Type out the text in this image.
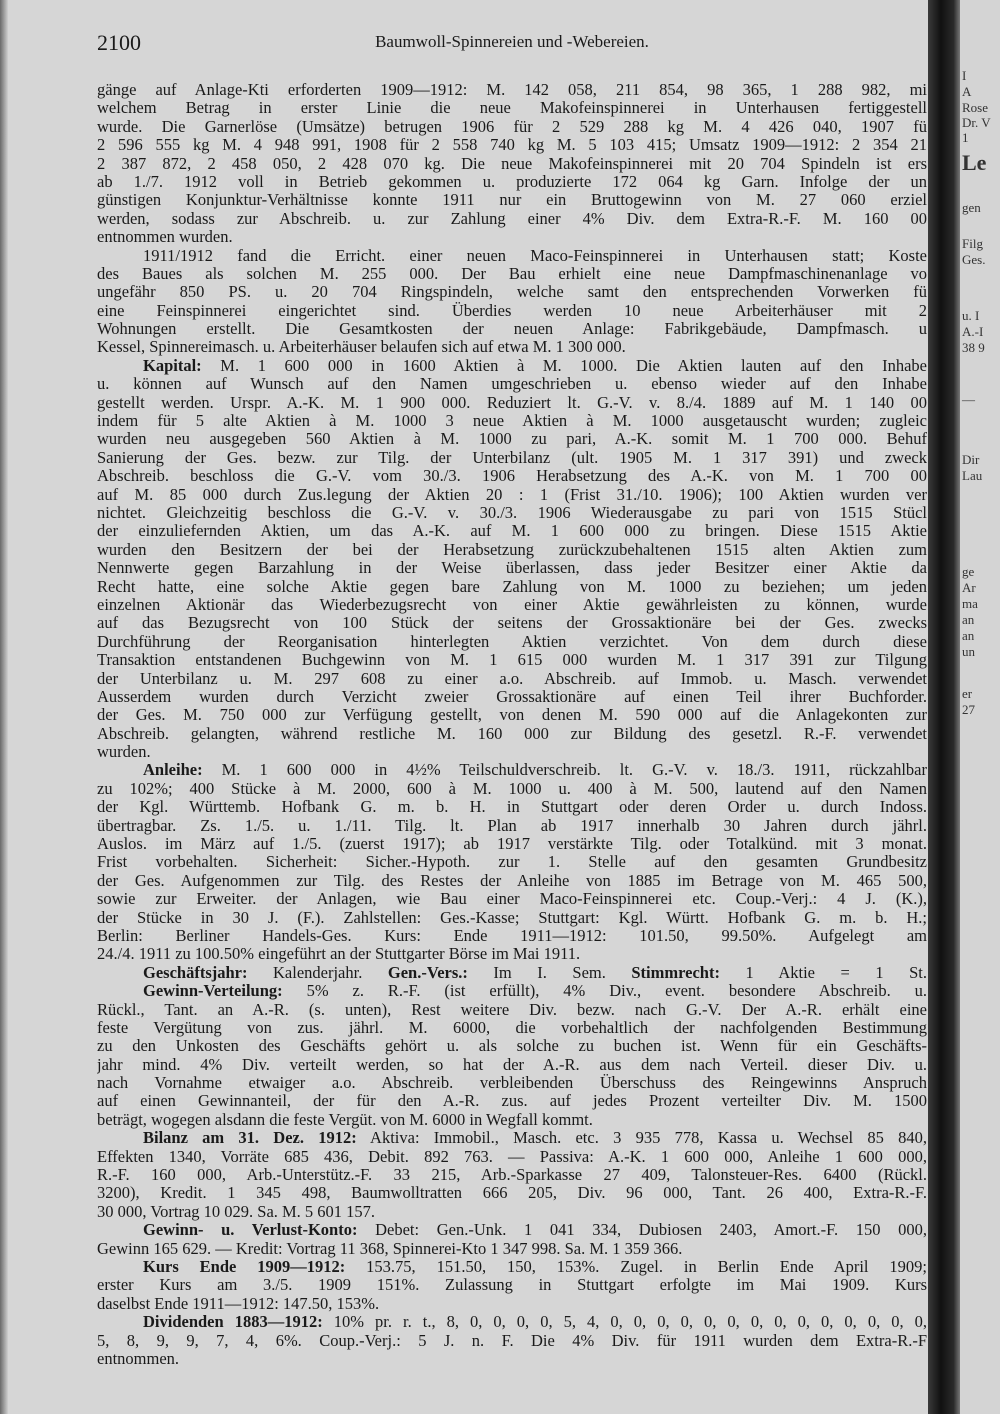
2100	Baumwoll-Spinnereien und -Webereien.
gänge auf Anlage-Kti erforderten 1909—1912: M. 142 058, 211 854, 98 365, 1 288 982, mi
welchem Betrag in erster Linie die neue Makofeinspinnerei in Unterhausen fertiggestell
wurde. Die Garnerlöse (Umsätze) betrugen 1906 für 2 529 288 kg M. 4 426 040, 1907 fü
2 596 555 kg M. 4 948 991, 1908 für 2 558 740 kg M. 5 103 415; Umsatz 1909—1912: 2 354 21
2 387 872, 2 458 050, 2 428 070 kg. Die neue Makofeinspinnerei mit 20 704 Spindeln ist ers
ab 1./7. 1912 voll in Betrieb gekommen u. produzierte 172 064 kg Garn. Infolge der un
günstigen Konjunktur-Verhältnisse konnte 1911 nur ein Bruttogewinn von M. 27 060 erziel
werden, sodass zur Abschreib. u. zur Zahlung einer 4% Div. dem Extra-R.-F. M. 160 00
entnommen wurden.
1911/1912 fand die Erricht. einer neuen Maco-Feinspinnerei in Unterhausen statt; Koste
des Baues als solchen M. 255 000. Der Bau erhielt eine neue Dampfmaschinenanlage vo
ungefähr 850 PS. u. 20 704 Ringspindeln, welche samt den entsprechenden Vorwerken fü
eine Feinspinnerei eingerichtet sind. Überdies werden 10 neue Arbeiterhäuser mit 2
Wohnungen erstellt. Die Gesamtkosten der neuen Anlage: Fabrikgebäude, Dampfmasch. u
Kessel, Spinnereimasch. u. Arbeiterhäuser belaufen sich auf etwa M. 1 300 000.
Kapital: M. 1 600 000 in 1600 Aktien à M. 1000. Die Aktien lauten auf den Inhabe
u. können auf Wunsch auf den Namen umgeschrieben u. ebenso wieder auf den Inhabe
gestellt werden. Urspr. A.-K. M. 1 900 000. Reduziert lt. G.-V. v. 8./4. 1889 auf M. 1 140 00
indem für 5 alte Aktien à M. 1000 3 neue Aktien à M. 1000 ausgetauscht wurden; zugleic
wurden neu ausgegeben 560 Aktien à M. 1000 zu pari, A.-K. somit M. 1 700 000. Behuf
Sanierung der Ges. bezw. zur Tilg. der Unterbilanz (ult. 1905 M. 1 317 391) und zweck
Abschreib. beschloss die G.-V. vom 30./3. 1906 Herabsetzung des A.-K. von M. 1 700 00
auf M. 85 000 durch Zus.legung der Aktien 20 : 1 (Frist 31./10. 1906); 100 Aktien wurden ver
nichtet. Gleichzeitig beschloss die G.-V. v. 30./3. 1906 Wiederausgabe zu pari von 1515 Stücl
der einzuliefernden Aktien, um das A.-K. auf M. 1 600 000 zu bringen. Diese 1515 Aktie
wurden den Besitzern der bei der Herabsetzung zurückzubehaltenen 1515 alten Aktien zum
Nennwerte gegen Barzahlung in der Weise überlassen, dass jeder Besitzer einer Aktie da
Recht hatte, eine solche Aktie gegen bare Zahlung von M. 1000 zu beziehen; um jeden
einzelnen Aktionär das Wiederbezugsrecht von einer Aktie gewährleisten zu können, wurde
auf das Bezugsrecht von 100 Stück der seitens der Grossaktionäre bei der Ges. zwecks
Durchführung der Reorganisation hinterlegten Aktien verzichtet. Von dem durch diese
Transaktion entstandenen Buchgewinn von M. 1 615 000 wurden M. 1 317 391 zur Tilgung
der Unterbilanz u. M. 297 608 zu einer a.o. Abschreib. auf Immob. u. Masch. verwendet
Ausserdem wurden durch Verzicht zweier Grossaktionäre auf einen Teil ihrer Buchforder.
der Ges. M. 750 000 zur Verfügung gestellt, von denen M. 590 000 auf die Anlagekonten zur
Abschreib. gelangten, während restliche M. 160 000 zur Bildung des gesetzl. R.-F. verwendet
wurden.
Anleihe: M. 1 600 000 in 4½% Teilschuldverschreib. lt. G.-V. v. 18./3. 1911, rückzahlbar
zu 102%; 400 Stücke à M. 2000, 600 à M. 1000 u. 400 à M. 500, lautend auf den Namen
der Kgl. Württemb. Hofbank G. m. b. H. in Stuttgart oder deren Order u. durch Indoss.
übertragbar. Zs. 1./5. u. 1./11. Tilg. lt. Plan ab 1917 innerhalb 30 Jahren durch jährl.
Auslos. im März auf 1./5. (zuerst 1917); ab 1917 verstärkte Tilg. oder Totalkünd. mit 3 monat.
Frist vorbehalten. Sicherheit: Sicher.-Hypoth. zur 1. Stelle auf den gesamten Grundbesitz
der Ges. Aufgenommen zur Tilg. des Restes der Anleihe von 1885 im Betrage von M. 465 500,
sowie zur Erweiter. der Anlagen, wie Bau einer Maco-Feinspinnerei etc. Coup.-Verj.: 4 J. (K.),
der Stücke in 30 J. (F.). Zahlstellen: Ges.-Kasse; Stuttgart: Kgl. Württ. Hofbank G. m. b. H.;
Berlin: Berliner Handels-Ges. Kurs: Ende 1911—1912: 101.50, 99.50%. Aufgelegt am
24./4. 1911 zu 100.50% eingeführt an der Stuttgarter Börse im Mai 1911.
Geschäftsjahr: Kalenderjahr. Gen.-Vers.: Im I. Sem. Stimmrecht: 1 Aktie = 1 St.
Gewinn-Verteilung: 5% z. R.-F. (ist erfüllt), 4% Div., event. besondere Abschreib. u.
Rückl., Tant. an A.-R. (s. unten), Rest weitere Div. bezw. nach G.-V. Der A.-R. erhält eine
feste Vergütung von zus. jährl. M. 6000, die vorbehaltlich der nachfolgenden Bestimmung
zu den Unkosten des Geschäfts gehört u. als solche zu buchen ist. Wenn für ein Geschäfts-
jahr mind. 4% Div. verteilt werden, so hat der A.-R. aus dem nach Verteil. dieser Div. u.
nach Vornahme etwaiger a.o. Abschreib. verbleibenden Überschuss des Reingewinns Anspruch
auf einen Gewinnanteil, der für den A.-R. zus. auf jedes Prozent verteilter Div. M. 1500
beträgt, wogegen alsdann die feste Vergüt. von M. 6000 in Wegfall kommt.
Bilanz am 31. Dez. 1912: Aktiva: Immobil., Masch. etc. 3 935 778, Kassa u. Wechsel 85 840,
Effekten 1340, Vorräte 685 436, Debit. 892 763. — Passiva: A.-K. 1 600 000, Anleihe 1 600 000,
R.-F. 160 000, Arb.-Unterstütz.-F. 33 215, Arb.-Sparkasse 27 409, Talonsteuer-Res. 6400 (Rückl.
3200), Kredit. 1 345 498, Baumwolltratten 666 205, Div. 96 000, Tant. 26 400, Extra-R.-F.
30 000, Vortrag 10 029. Sa. M. 5 601 157.
Gewinn- u. Verlust-Konto: Debet: Gen.-Unk. 1 041 334, Dubiosen 2403, Amort.-F. 150 000,
Gewinn 165 629. — Kredit: Vortrag 11 368, Spinnerei-Kto 1 347 998. Sa. M. 1 359 366.
Kurs Ende 1909—1912: 153.75, 151.50, 150, 153%. Zugel. in Berlin Ende April 1909;
erster Kurs am 3./5. 1909 151%. Zulassung in Stuttgart erfolgte im Mai 1909. Kurs
daselbst Ende 1911—1912: 147.50, 153%.
Dividenden 1883—1912: 10% pr. r. t., 8, 0, 0, 0, 0, 5, 4, 0, 0, 0, 0, 0, 0, 0, 0, 0, 0, 0, 0, 0, 0,
5, 8, 9, 9, 7, 4, 6%. Coup.-Verj.: 5 J. n. F. Die 4% Div. für 1911 wurden dem Extra-R.-F
entnommen.
I
A
Rose
Dr. V
1
Le
gen
Filg
Ges.
u. I
A.-I
38 9
—
Dir
Lau
ge
Ar
ma
an
an
un
er
27
